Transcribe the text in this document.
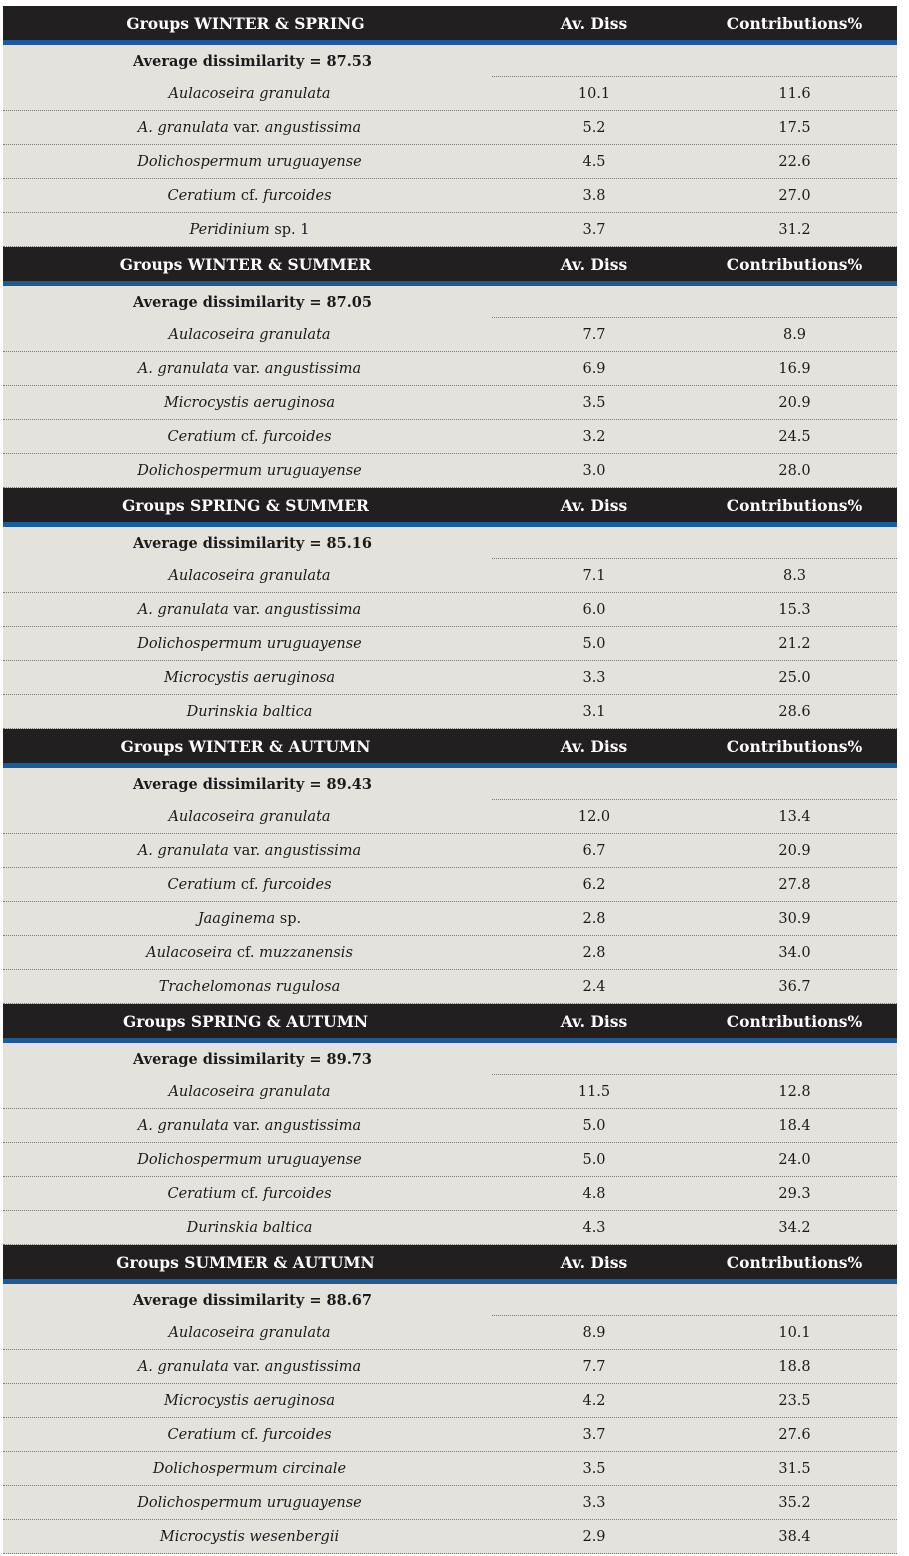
Groups WINTER & SPRING	Av. Diss	Contributions%
Average dissimilarity = 87.53
Aulacoseira granulata	10.1	11.6
A. granulata var. angustissima	5.2	17.5
Dolichospermum uruguayense	4.5	22.6
Ceratium cf. furcoides	3.8	27.0
Peridinium sp. 1	3.7	31.2
Groups WINTER & SUMMER	Av. Diss	Contributions%
Average dissimilarity = 87.05
Aulacoseira granulata	7.7	8.9
A. granulata var. angustissima	6.9	16.9
Microcystis aeruginosa	3.5	20.9
Ceratium cf. furcoides	3.2	24.5
Dolichospermum uruguayense	3.0	28.0
Groups SPRING & SUMMER	Av. Diss	Contributions%
Average dissimilarity = 85.16
Aulacoseira granulata	7.1	8.3
A. granulata var. angustissima	6.0	15.3
Dolichospermum uruguayense	5.0	21.2
Microcystis aeruginosa	3.3	25.0
Durinskia baltica	3.1	28.6
Groups WINTER & AUTUMN	Av. Diss	Contributions%
Average dissimilarity = 89.43
Aulacoseira granulata	12.0	13.4
A. granulata var. angustissima	6.7	20.9
Ceratium cf. furcoides	6.2	27.8
Jaaginema sp.	2.8	30.9
Aulacoseira cf. muzzanensis	2.8	34.0
Trachelomonas rugulosa	2.4	36.7
Groups SPRING & AUTUMN	Av. Diss	Contributions%
Average dissimilarity = 89.73
Aulacoseira granulata	11.5	12.8
A. granulata var. angustissima	5.0	18.4
Dolichospermum uruguayense	5.0	24.0
Ceratium cf. furcoides	4.8	29.3
Durinskia baltica	4.3	34.2
Groups SUMMER & AUTUMN	Av. Diss	Contributions%
Average dissimilarity = 88.67
Aulacoseira granulata	8.9	10.1
A. granulata var. angustissima	7.7	18.8
Microcystis aeruginosa	4.2	23.5
Ceratium cf. furcoides	3.7	27.6
Dolichospermum circinale	3.5	31.5
Dolichospermum uruguayense	3.3	35.2
Microcystis wesenbergii	2.9	38.4
